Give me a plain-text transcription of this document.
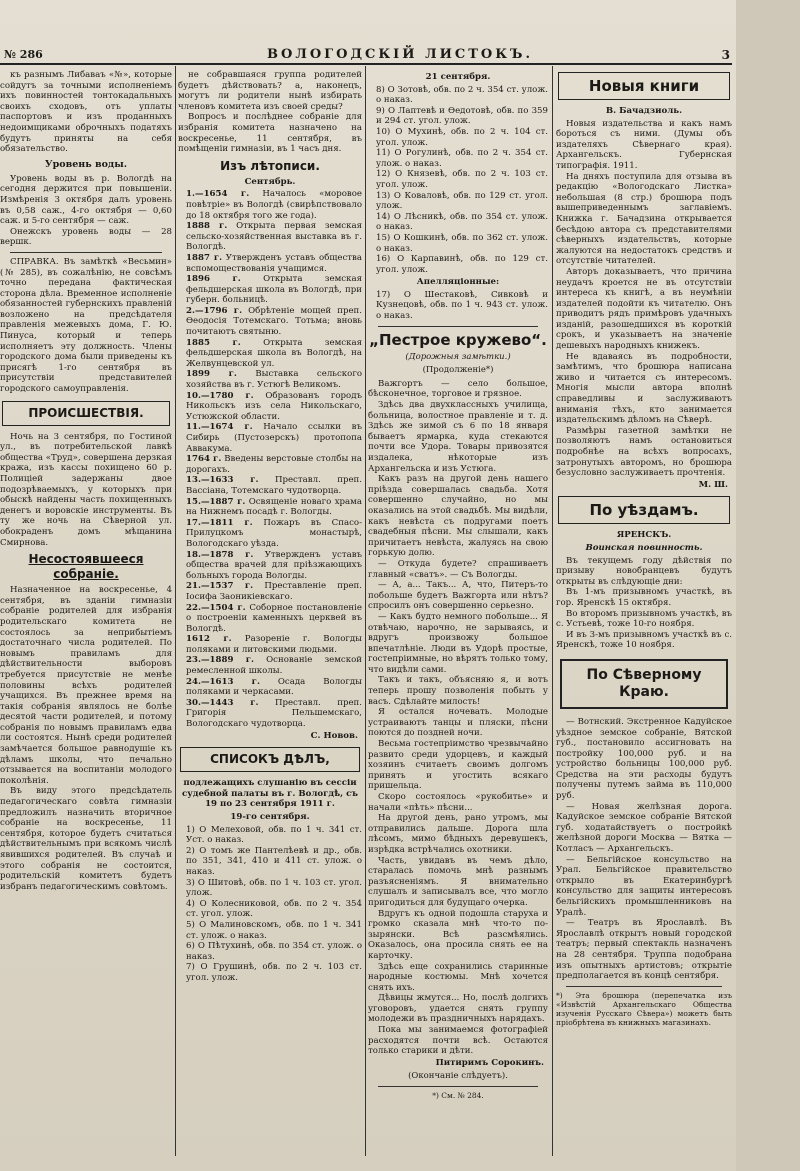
№ 286	ВОЛОГОДСКІЙ ЛИСТОКЪ.	3

къ разнымъ Либаваъ «№», которые сойдутъ за точными исполненіемъ ихъ повинностей тонтокадальныхъ своихъ сходовъ, отъ уплаты паспортовъ и изъ проданныхъ недоимщиками оброчныхъ податяхъ будутъ приняты на себя обязательство.

Уровень воды.

Уровень воды въ р. Вологдѣ на сегодня держится при повышеніи. Измѣренія 3 октября далъ уровень въ 0,58 саж., 4-го октября — 0,60 саж. и 5-го сентября — саж.

Онежскъ уровень воды — 28 вершк.

СПРАВКА. Въ замѣткѣ «Весьмин» (№ 285), въ сожалѣнію, не совсѣмъ точно передана фактическая сторона дѣла. Временное исполненіе обязанностей губернскихъ правленій возложено на предсѣдателя правленія межевыхъ дома, Г. Ю. Пинуса, который и теперь исполняетъ эту должность. Члены городского дома были приведены къ присягѣ 1-го сентября въ присутствіи представителей городского самоуправленія.

ПРОИСШЕСТВІЯ.

Ночь на 3 сентября, по Гостиной ул., въ потребительской лавкѣ общества «Труд», совершена дерзкая кража, изъ кассы похищено 60 р. Полиціей задержаны двое подозрѣваемыхъ, у которыхъ при обыскѣ найдены часть похищенныхъ денегъ и воровскіе инструменты. Въ ту же ночь на Сѣверной ул. обокраденъ домъ мѣщанина Смирнова.

Несостоявшееся собраніе.

Назначенное на воскресенье, 4 сентября, въ зданіи гимназіи собраніе родителей для избранія родительскаго комитета не состоялось за неприбытіемъ достаточнаго числа родителей. По новымъ правиламъ для дѣйствительности выборовъ требуется присутствіе не менѣе половины всѣхъ родителей учащихся. Въ прежнее время на такія собранія являлось не болѣе десятой части родителей, и потому собранія по новымъ правиламъ едва ли состоятся. Нынѣ среди родителей замѣчается большое равнодушіе къ дѣламъ школы, что печально отзывается на воспитаніи молодого поколѣнія.

Въ виду этого предсѣдатель педагогическаго совѣта гимназіи предложилъ назначить вторичное собраніе на воскресенье, 11 сентября, которое будетъ считаться дѣйствительнымъ при всякомъ числѣ явившихся родителей. Въ случаѣ и этого собранія не состоится, родительскій комитетъ будетъ избранъ педагогическимъ совѣтомъ.

не собравшаяся группа родителей будетъ дѣйствовать? а, наконецъ, могутъ ли родители нынѣ избирать членовъ комитета изъ своей среды?

Вопросъ и послѣднее собраніе для избранія комитета назначено на воскресенье, 11 сентября, въ помѣщеніи гимназіи, въ 1 часъ дня.

Изъ лѣтописи.
Сентябрь.

1.—1654 г. Началось «моровое повѣтріе» въ Вологдѣ (свирѣпствовало до 18 октября того же года).

1888 г. Открыта первая земская сельско-хозяйственная выставка въ г. Вологдѣ.

1887 г. Утвержденъ уставъ общества вспомоществованія учащимся.

1896 г.	Открыта земская фельдшерская школа въ Вологдѣ, при губерн. больницѣ.

2.—1796 г. Обрѣтеніе мощей преп. Ѳеодосія Тотемскаго. Тотьма; вновь почитаютъ святыню.

1885 г.	Открыта земская фельдшерская школа въ Вологдѣ, на Желвунцевской ул.

1899 г. Выставка сельского хозяйства въ г. Устюгѣ Великомъ.

10.—1780 г. Образованъ городъ Никольскъ изъ села Никольскаго, Устюжской области.

11.—1674 г. Начало ссылки въ Сибирь (Пустозерскъ) протопопа Аввакума.

1764 г. Введены верстовые столбы на дорогахъ.

13.—1633 г. Преставл. преп. Вассіана, Тотемскаго чудотворца.

15.—1887 г. Освященіе новаго храма на Нижнемъ посадѣ г. Вологды.

17.—1811 г. Пожаръ въ Спасо-Прилуцкомъ монастырѣ, Вологодскаго уѣзда.

18.—1878 г. Утвержденъ уставъ общества врачей для пріѣзжающихъ больныхъ города Вологды.

21.—1537 г. Преставленіе преп. Іосифа Заоникіевскаго.

22.—1504 г. Соборное постановленіе о построеніи каменныхъ церквей въ Вологдѣ.

1612 г. Разореніе г. Вологды поляками и литовскими людьми.

23.—1889 г. Основаніе земской ремесленной школы.

24.—1613 г. Осада Вологды поляками и черкасами.

30.—1443 г. Преставл. преп. Григорія Пельшемскаго, Вологодскаго чудотворца.

С. Новов.
СПИСОКЪ ДѢЛЪ,

подлежащихъ слушанію въ сессіи судебной палаты въ г. Вологдѣ, съ 19 по 23 сентября 1911 г.

19-го сентября.

1) О Мелеховой, обв. по 1 ч. 341 ст. Уст. о наказ.

2) О томъ же Пантелѣевѣ и др., обв. по 351, 341, 410 и 411 ст. улож. о наказ.

3) О Шитовѣ, обв. по 1 ч. 103 ст. угол. улож.

4) О Колесниковой, обв. по 2 ч. 354 ст. угол. улож.

5) О Малиновскомъ, обв. по 1 ч. 341 ст. улож. о наказ.

6) О Пѣтухинѣ, обв. по 354 ст. улож. о наказ.

7) О Грушинѣ, обв. по 2 ч. 103 ст. угол. улож.

21 сентября.

8) О Зотовѣ, обв. по 2 ч. 354 ст. улож. о наказ.

9) О Лаптевѣ и Ѳедотовѣ, обв. по 359 и 294 ст. угол. улож.

10) О Мухинѣ, обв. по 2 ч. 104 ст. угол. улож.

11) О Рогулинѣ, обв. по 2 ч. 354 ст. улож. о наказ.

12) О Князевѣ, обв. по 2 ч. 103 ст. угол. улож.

13) О Коваловѣ, обв. по 129 ст. угол. улож.

14) О Лѣсникѣ, обв. по 354 ст. улож. о наказ.

15) О Кошкинѣ, обв. по 362 ст. улож. о наказ.

16) О Карпавинѣ, обв. по 129 ст. угол. улож.

Апелляціонные:

17) О Шестаковѣ, Сивковѣ и Кузнецовѣ, обв. по 1 ч. 943 ст. улож. о наказ.

„Пестрое кружево“.
(Дорожныя замѣтки.)
(Продолженіе*)

Важгортъ — село большое, бѣсконечное, торговое и грязное.

Здѣсь два двухклассныхъ училища, больница, волостное правленіе и т. д. Здѣсь же зимой съ 6 по 18 января бываетъ ярмарка, куда стекаются почти все Удора. Товары привозятся издалека, нѣкоторые изъ Архангельска и изъ Устюга.

Какъ разъ на другой день нашего пріѣзда совершалась свадьба. Хотя совершенно случайно, но мы оказались на этой свадьбѣ. Мы видѣли, какъ невѣста съ подругами поетъ свадебныя пѣсни. Мы слышали, какъ причитаетъ невѣста, жалуясь на свою горькую долю.

— Откуда будете? спрашиваетъ главный «сватъ». — Съ Вологды.

— А, а... Такъ... А, что, Питеръ-то побольше будетъ Важгорта или нѣтъ? спросилъ онъ совершенно серьезно.

— Какъ будто немного побольше... Я отвѣчаю, нарочно, не зарываясь, и вдругъ произвожу большое впечатлѣніе. Люди въ Удорѣ простые, гостепріимные, но вѣрятъ только тому, что видѣли сами.

Такъ и такъ, объясняю я, и вотъ теперь прошу позволенія побыть у васъ. Сдѣлайте милость!

Я остался ночевать. Молодые устраиваютъ танцы и пляски, пѣсни поются до поздней ночи.

Весьма гостепріимство чрезвычайно развито среди удорцевъ, и каждый хозяинъ считаетъ своимъ долгомъ принять и угостить всякаго пришельца.

Скоро состоялось «рукобитье» и начали «пѣть» пѣсни...

На другой день, рано утромъ, мы отправились дальше. Дорога шла лѣсомъ, мимо бѣдныхъ деревушекъ, изрѣдка встрѣчались охотники.

Часть, увидавъ въ чемъ дѣло, старалась помочь мнѣ разнымъ разъясненіямъ. Я внимательно слушалъ и записывалъ все, что могло пригодиться для будущаго очерка.

Вдругъ къ одной подошла старуха и громко сказала мнѣ что-то по-зырянски. Всѣ разсмѣялись. Оказалось, она просила снять ее на карточку.

Здѣсь еще сохранились старинные народные костюмы. Мнѣ хочется снять ихъ.

Дѣвицы жмутся... Но, послѣ долгихъ уговоровъ, удается снять группу молодежи въ праздничныхъ нарядахъ.

Пока мы занимаемся фотографіей расходятся почти всѣ. Остаются только старики и дѣти.

Питиримъ Сорокинъ.
(Окончаніе слѣдуетъ).
*) См. № 284.
Новыя книги
В. Бачадзиоль.

Новыя издательства и какъ намъ бороться съ ними. (Думы объ издателяхъ Сѣвернаго края). Архангельскъ. Губернская типографія. 1911.

На дняхъ поступила для отзыва въ редакцію «Вологодскаго Листка» небольшая (8 стр.) брошюра подъ вышеприведеннымъ заглавіемъ. Книжка г. Бачадзина открывается бесѣдою автора съ представителями сѣверныхъ издательствъ, которые жалуются на недостатокъ средствъ и отсутствіе читателей.

Авторъ доказываетъ, что причина неудачъ кроется не въ отсутствіи интереса къ книгѣ, а въ неумѣніи издателей подойти къ читателю. Онъ приводитъ рядъ примѣровъ удачныхъ изданій, разошедшихся въ короткій срокъ, и указываетъ на значеніе дешевыхъ народныхъ книжекъ.

Не вдаваясь въ подробности, замѣтимъ, что брошюра написана живо и читается съ интересомъ. Многія мысли автора вполнѣ справедливы и заслуживаютъ вниманія тѣхъ, кто занимается издательскимъ дѣломъ на Сѣверѣ.

Размѣры газетной замѣтки не позволяютъ намъ остановиться подробнѣе на всѣхъ вопросахъ, затронутыхъ авторомъ, но брошюра безусловно заслуживаетъ прочтенія.

М. Ш.
По уѣздамъ.
ЯРЕНСКЪ.
Воинская повинность.

Въ текущемъ году дѣйствія по призыву новобранцевъ будутъ открыты въ слѣдующіе дни:

Въ 1-мъ призывномъ участкѣ, въ гор. Яренскѣ 15 октября.

Во второмъ призывномъ участкѣ, въ с. Устьевѣ, тоже 10-го ноября.

И въ 3-мъ призывномъ участкѣ въ с. Яренскѣ, тоже 10 ноября.

По Сѣверному Краю.

— Вотнский. Экстренное Кадуйское уѣздное земское собраніе, Вятской губ., постановило ассигновать на постройку 100,000 руб. и на устройство больницы 100,000 руб. Средства на эти расходы будутъ получены путемъ займа въ 110,000 руб.

— Новая желѣзная дорога. Кадуйское земское собраніе Вятской губ. ходатайствуетъ о постройкѣ желѣзной дороги Москва — Вятка — Котласъ — Архангельскъ.

— Бельгійское консульство на Урал. Бельгійское правительство открыло въ Екатеринбургѣ консульство для защиты интересовъ бельгійскихъ промышленниковъ на Уралѣ.

— Театръ въ Ярославлѣ. Въ Ярославлѣ открытъ новый городской театръ; первый спектакль назначенъ на 28 сентября. Труппа подобрана изъ опытныхъ артистовъ; открытіе предполагается въ концѣ сентября.

*) Эта брошюра (перепечатка изъ «Извѣстій Архангельскаго Общества изученія Русскаго Сѣвера») можетъ быть пріобрѣтена въ книжныхъ магазинахъ.
